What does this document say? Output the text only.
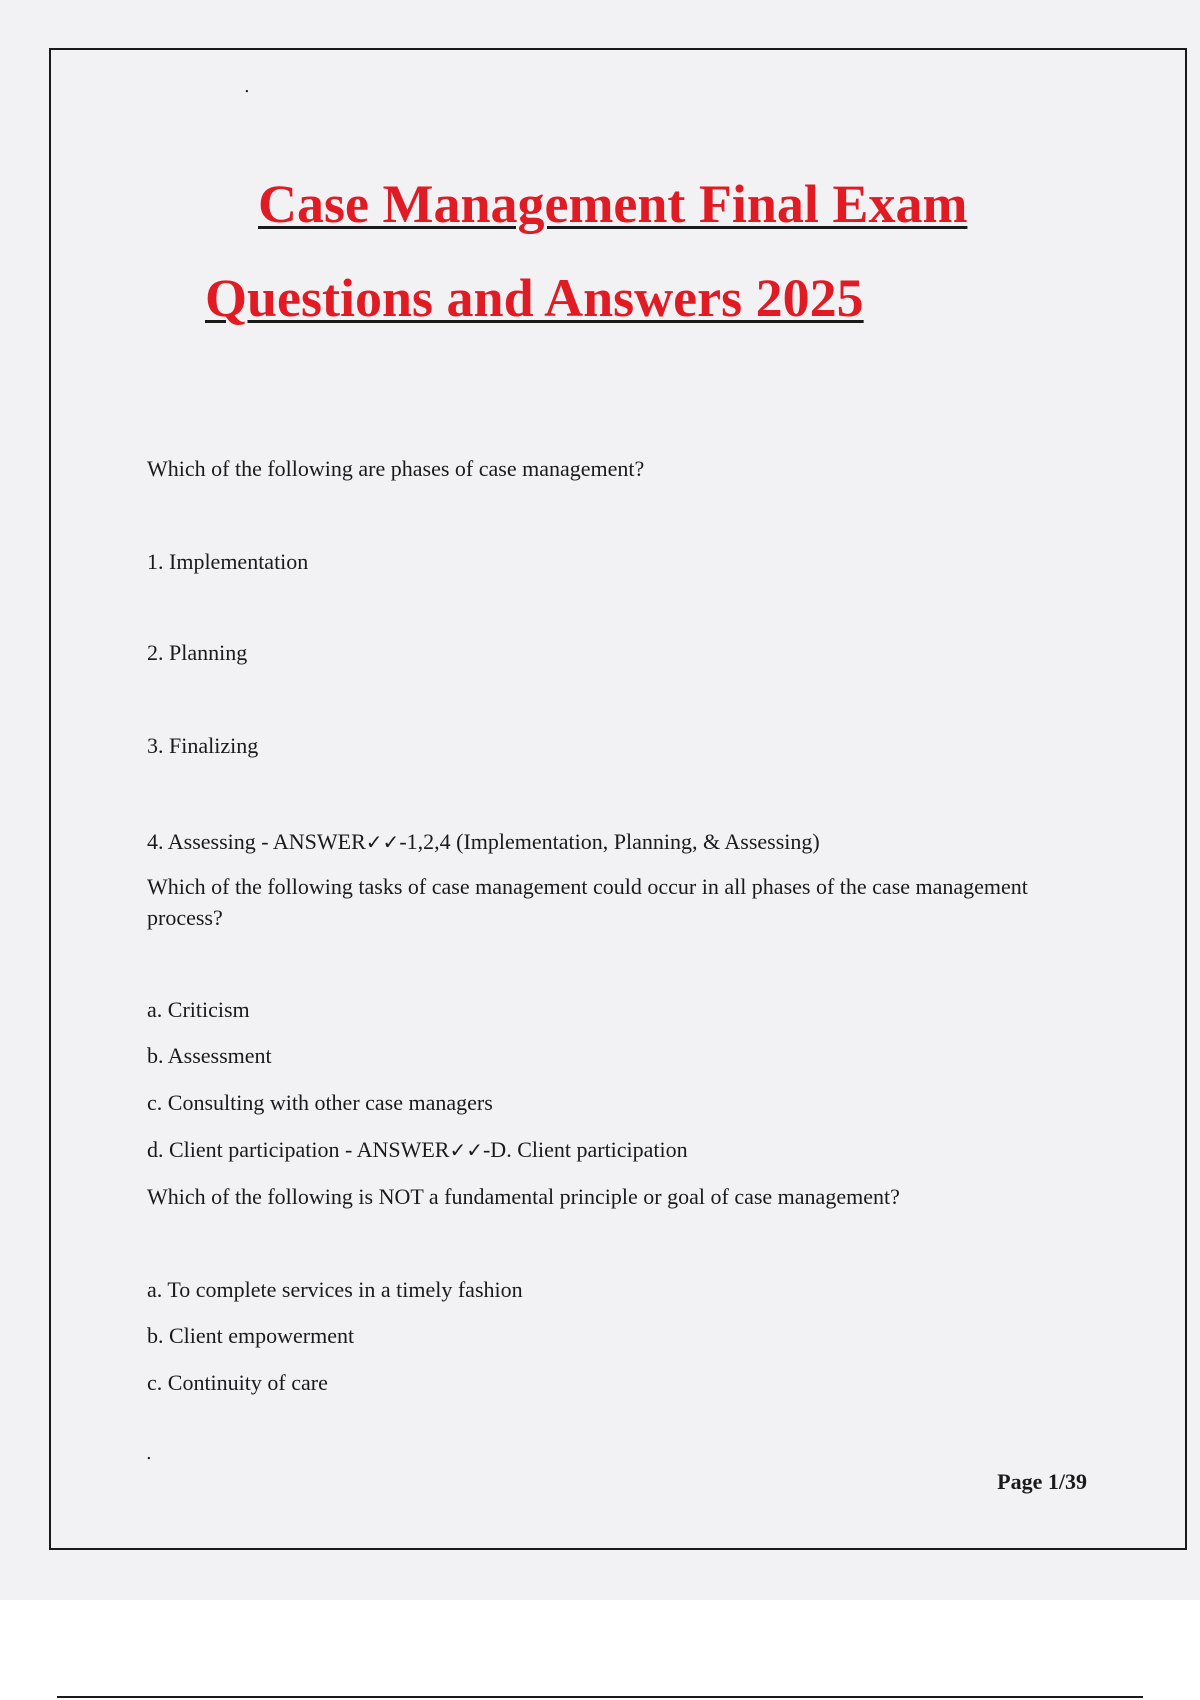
.
Case Management Final Exam
Questions and Answers 2025

Which of the following are phases of case management?

1. Implementation

2. Planning

3. Finalizing

4. Assessing - ANSWER✓✓-1,2,4 (Implementation, Planning, & Assessing)

Which of the following tasks of case management could occur in all phases of the case management process?

a. Criticism

b. Assessment

c. Consulting with other case managers

d. Client participation - ANSWER✓✓-D. Client participation

Which of the following is NOT a fundamental principle or goal of case management?

a. To complete services in a timely fashion

b. Client empowerment

c. Continuity of care

.
Page 1/39
